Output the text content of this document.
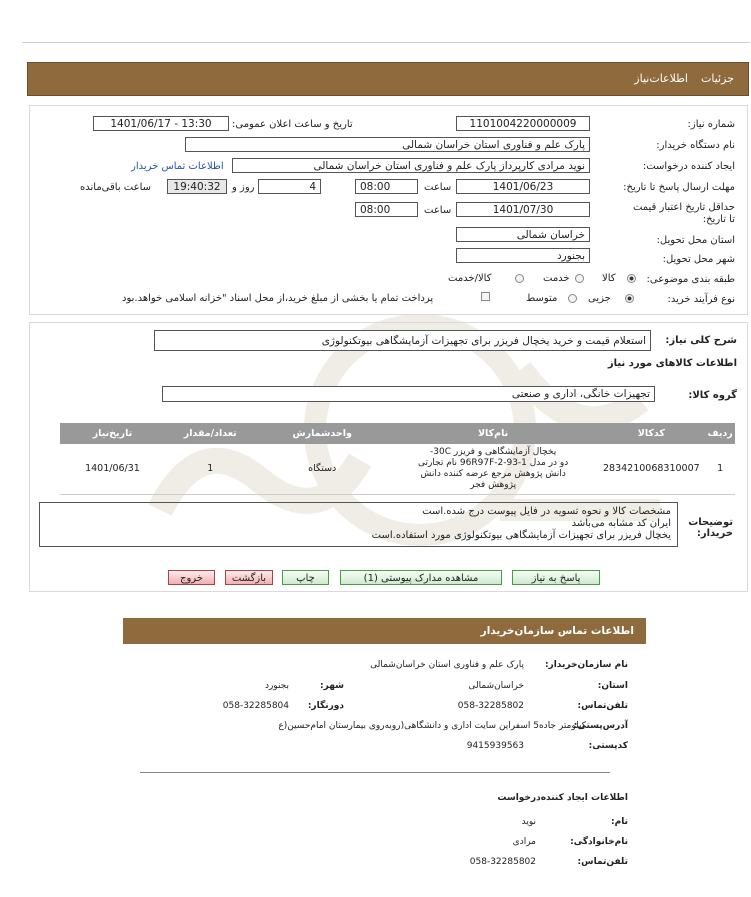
جزئیات
اطلاعات‌نیاز
شماره نیاز:
1101004220000009
تاریخ و ساعت اعلان عمومی:
1401/06/17 - 13:30
نام دستگاه خریدار:
پارک علم و فناوری استان خراسان شمالی
ایجاد کننده درخواست:
نوید مرادی کارپرداز پارک علم و فناوری استان خراسان شمالی
اطلاعات تماس خریدار
مهلت ارسال پاسخ تا تاریخ:
1401/06/23
ساعت
08:00
4
روز و
19:40:32
ساعت باقی‌مانده
حداقل تاریخ اعتبار قیمت
تا تاریخ:
1401/07/30
ساعت
08:00
استان محل تحویل:
خراسان شمالی
شهر محل تحویل:
بجنورد
طبقه بندی موضوعی:
کالا
خدمت
کالا/خدمت
نوع فرآیند خرید:
جزیی
متوسط
پرداخت تمام یا بخشی از مبلغ خرید،از محل اسناد "خزانه اسلامی خواهد.بود
شرح کلی نیاز:
استعلام قیمت و خرید یخچال فریزر برای تجهیزات آزمایشگاهی بیوتکنولوژی
اطلاعات کالاهای مورد نیاز
گروه کالا:
تجهیزات خانگی، اداری و صنعتی
ردیف	کدکالا	نام‌کالا	واحدشمارش	تعداد/مقدار	تاریخ‌نیاز
1	2834210068310007	یخچال آزمایشگاهی و فریزر 30C-
دو در مدل 1-93-96R97F-2 نام تجارتی
دانش پژوهش مرجع عرضه کننده دانش
پژوهش فجر	دستگاه	1	1401/06/31
توضیحات خریدار:
مشخصات کالا و نحوه تسویه در فایل پیوست درج شده.است
ایران کد مشابه می‌باشد
یخچال فریزر برای تجهیزات آزمایشگاهی بیوتکنولوژی مورد استفاده.است
پاسخ به نیاز
مشاهده مدارک پیوستی (1)
چاپ
بازگشت
خروج
اطلاعات تماس سازمان‌خریدار
نام سازمان‌خریدار:
پارک علم و فناوری استان خراسان‌شمالی
استان:
خراسان‌شمالی
شهر:
بجنورد
تلفن‌تماس:
058-32285802
دورنگار:
058-32285804
آدرس‌پستی:
کیلومتر جاده5 اسفراین سایت اداری و دانشگاهی(روبه‌روی بیمارستان امام‌حسین(ع
کدپستی:
9415939563
اطلاعات ایجاد کننده‌درخواست
نام:
نوید
نام‌خانوادگی:
مرادی
تلفن‌تماس:
058-32285802
